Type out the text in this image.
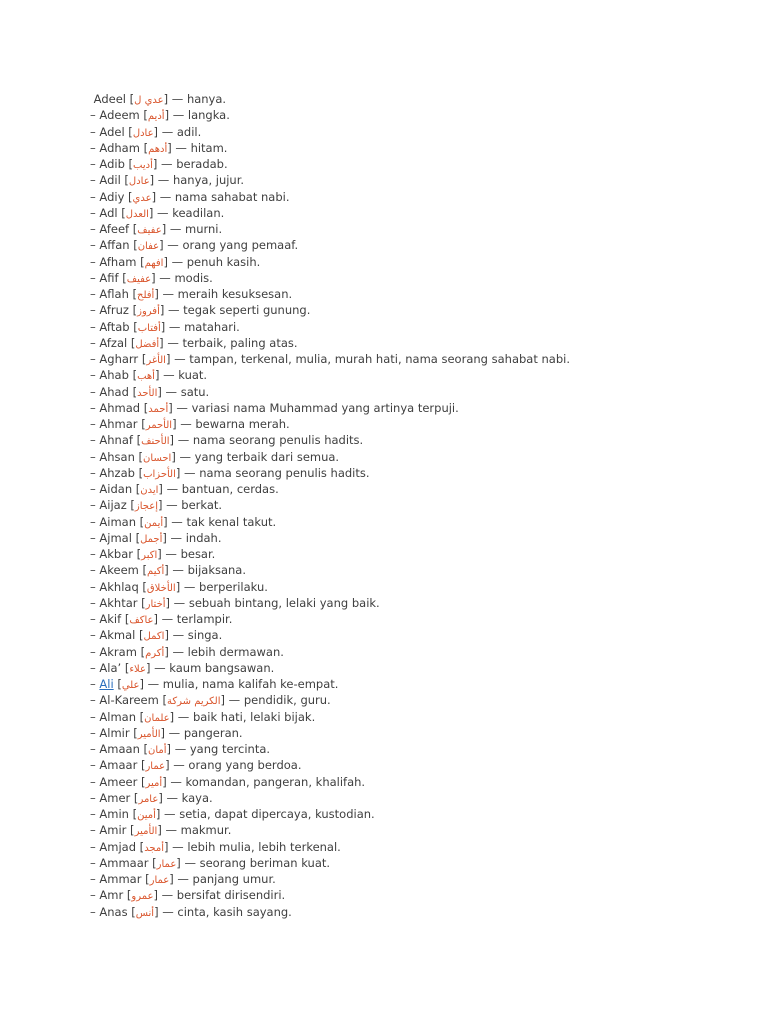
Adeel [عدي ل] — hanya.
– Adeem [أديم] — langka.
– Adel [عادل] — adil.
– Adham [أدهم] — hitam.
– Adib [أديب] — beradab.
– Adil [عادل] — hanya, jujur.
– Adiy [عدي] — nama sahabat nabi.
– Adl [العدل] — keadilan.
– Afeef [عفيف] — murni.
– Affan [عفان] — orang yang pemaaf.
– Afham [افهم] — penuh kasih.
– Afif [عفيف] — modis.
– Aflah [أفلح] — meraih kesuksesan.
– Afruz [أفروز] — tegak seperti gunung.
– Aftab [أفتاب] — matahari.
– Afzal [أفضل] — terbaik, paling atas.
– Agharr [الأغر] — tampan, terkenal, mulia, murah hati, nama seorang sahabat nabi.
– Ahab [أهب] — kuat.
– Ahad [الأحد] — satu.
– Ahmad [أحمد] — variasi nama Muhammad yang artinya terpuji.
– Ahmar [الأحمر] — bewarna merah.
– Ahnaf [الأحنف] — nama seorang penulis hadits.
– Ahsan [احسان] — yang terbaik dari semua.
– Ahzab [الأحزاب] — nama seorang penulis hadits.
– Aidan [ايدن] — bantuan, cerdas.
– Aijaz [إعجاز] — berkat.
– Aiman [أيمن] — tak kenal takut.
– Ajmal [أجمل] — indah.
– Akbar [اكبر] — besar.
– Akeem [أكيم] — bijaksana.
– Akhlaq [الأخلاق] — berperilaku.
– Akhtar [أختار] — sebuah bintang, lelaki yang baik.
– Akif [عاكف] — terlampir.
– Akmal [اكمل] — singa.
– Akram [أكرم] — lebih dermawan.
– Ala’ [علاء] — kaum bangsawan.
– Ali [علي] — mulia, nama kalifah ke-empat.
– Al-Kareem [الكريم شركة] — pendidik, guru.
– Alman [علمان] — baik hati, lelaki bijak.
– Almir [الأمير] — pangeran.
– Amaan [أمان] — yang tercinta.
– Amaar [عمار] — orang yang berdoa.
– Ameer [أمير] — komandan, pangeran, khalifah.
– Amer [عامر] — kaya.
– Amin [أمين] — setia, dapat dipercaya, kustodian.
– Amir [الأمير] — makmur.
– Amjad [أمجد] — lebih mulia, lebih terkenal.
– Ammaar [عمار] — seorang beriman kuat.
– Ammar [عمار] — panjang umur.
– Amr [عمرو] — bersifat dirisendiri.
– Anas [أنس] — cinta, kasih sayang.
